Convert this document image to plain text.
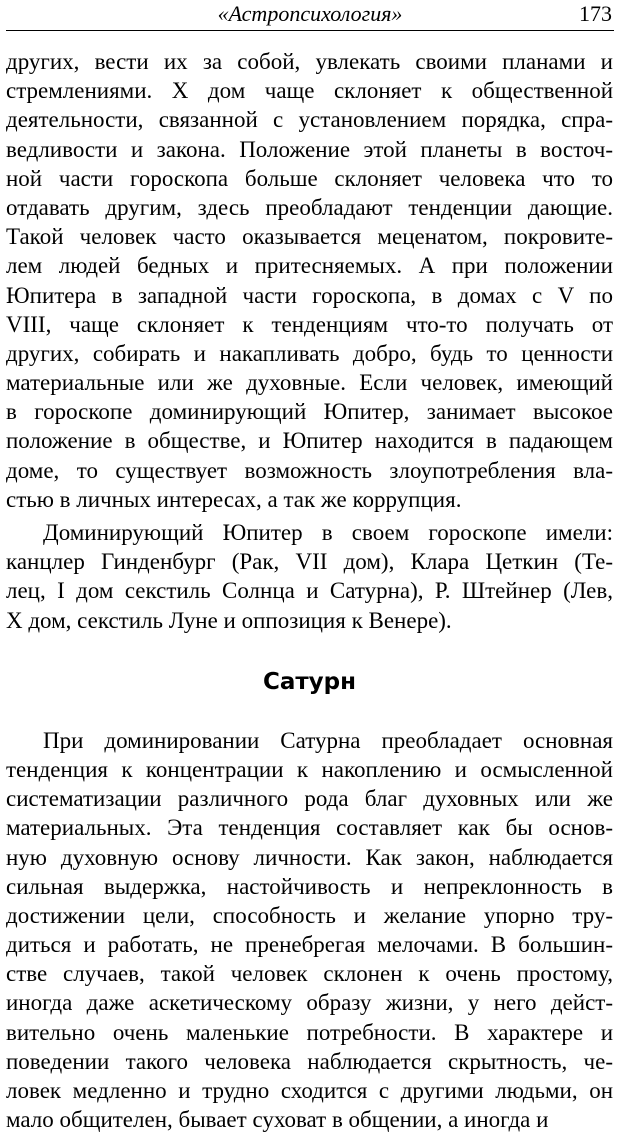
«Астропсихология»	173
других, вести их за собой, увлекать своими планами и
стремлениями. X дом чаще склоняет к общественной
деятельности, связанной с установлением порядка, спра-
ведливости и закона. Положение этой планеты в восточ-
ной части гороскопа больше склоняет человека что то
отдавать другим, здесь преобладают тенденции дающие.
Такой человек часто оказывается меценатом, покровите-
лем людей бедных и притесняемых. А при положении
Юпитера в западной части гороскопа, в домах с V по
VIII, чаще склоняет к тенденциям что-то получать от
других, собирать и накапливать добро, будь то ценности
материальные или же духовные. Если человек, имеющий
в гороскопе доминирующий Юпитер, занимает высокое
положение в обществе, и Юпитер находится в падающем
доме, то существует возможность злоупотребления вла-
стью в личных интересах, а так же коррупция.
Доминирующий Юпитер в своем гороскопе имели:
канцлер Гинденбург (Рак, VII дом), Клара Цеткин (Те-
лец, I дом секстиль Солнца и Сатурна), Р. Штейнер (Лев,
X дом, секстиль Луне и оппозиция к Венере).
Сатурн
При доминировании Сатурна преобладает основная
тенденция к концентрации к накоплению и осмысленной
систематизации различного рода благ духовных или же
материальных. Эта тенденция составляет как бы основ-
ную духовную основу личности. Как закон, наблюдается
сильная выдержка, настойчивость и непреклонность в
достижении цели, способность и желание упорно тру-
диться и работать, не пренебрегая мелочами. В большин-
стве случаев, такой человек склонен к очень простому,
иногда даже аскетическому образу жизни, у него дейст-
вительно очень маленькие потребности. В характере и
поведении такого человека наблюдается скрытность, че-
ловек медленно и трудно сходится с другими людьми, он
мало общителен, бывает суховат в общении, а иногда и
